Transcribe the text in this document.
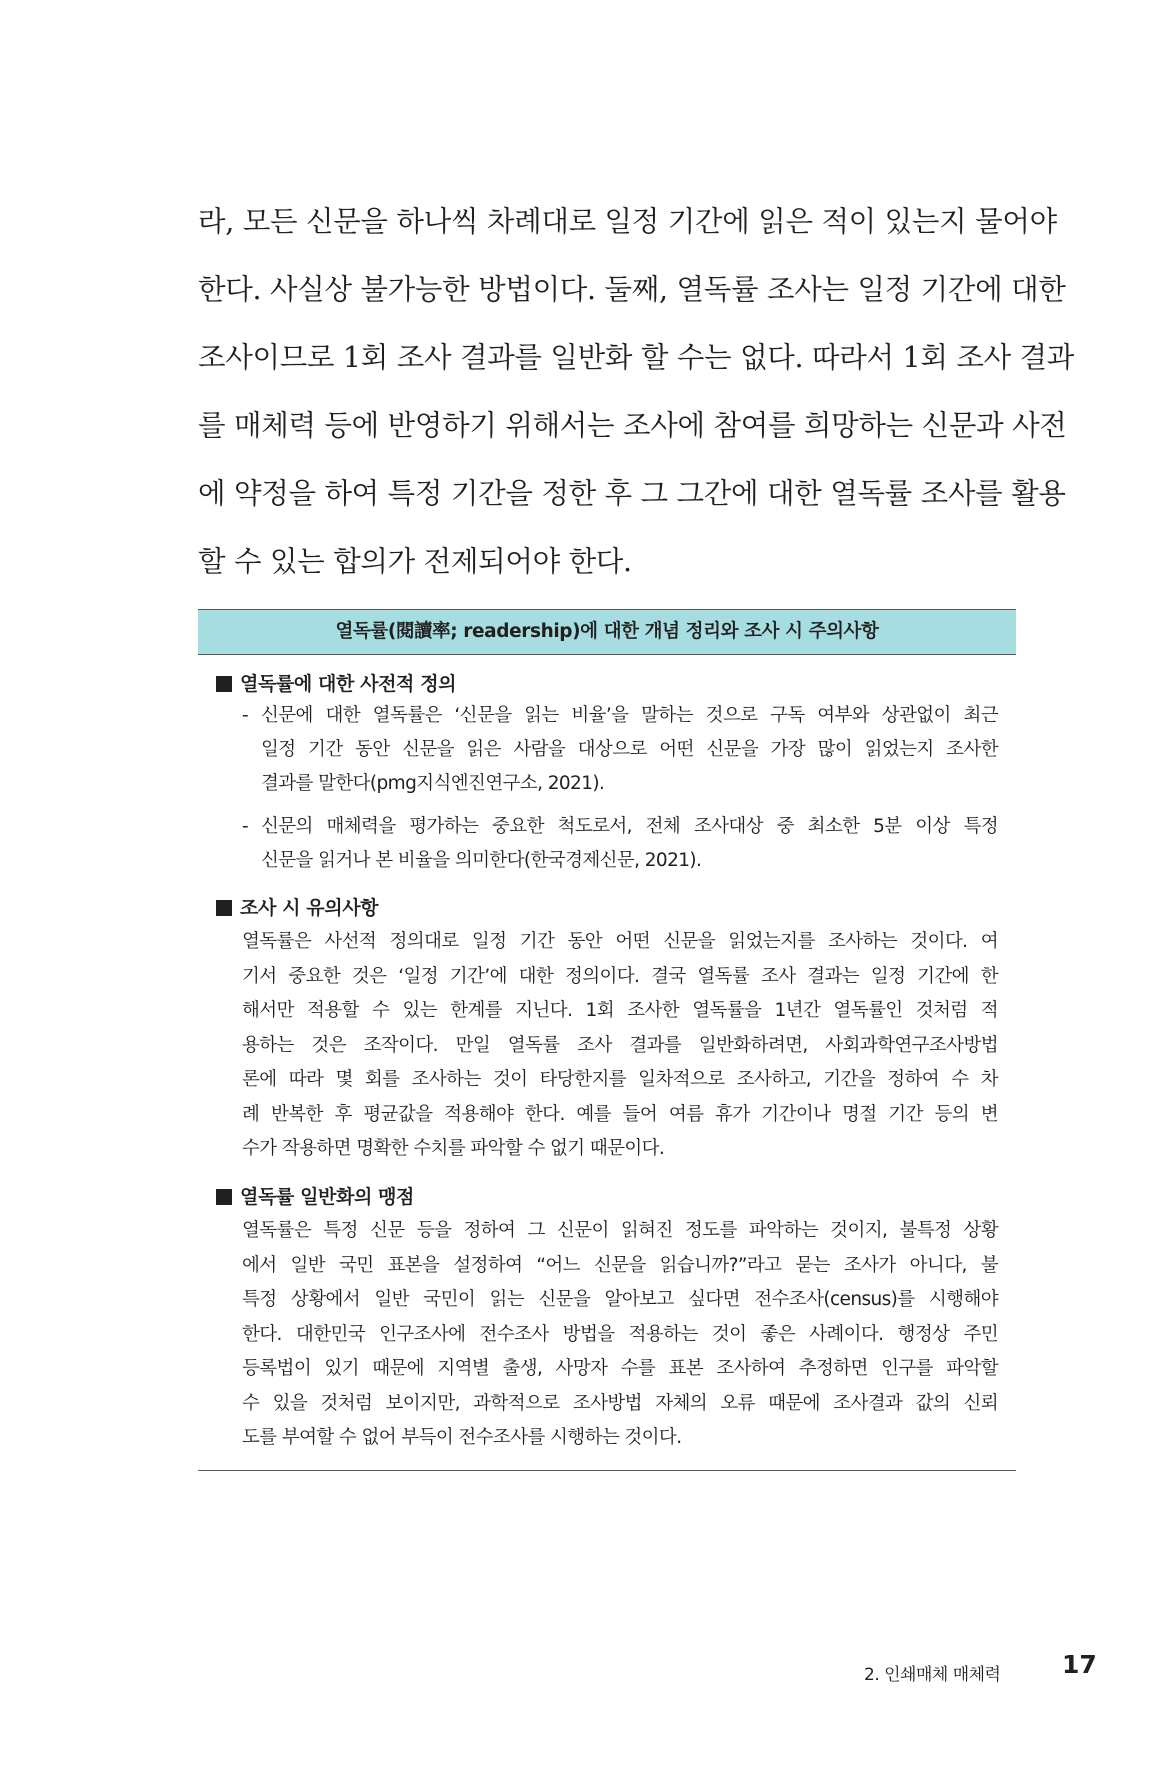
라, 모든 신문을 하나씩 차례대로 일정 기간에 읽은 적이 있는지 물어야
한다. 사실상 불가능한 방법이다. 둘째, 열독률 조사는 일정 기간에 대한
조사이므로 1회 조사 결과를 일반화 할 수는 없다. 따라서 1회 조사 결과
를 매체력 등에 반영하기 위해서는 조사에 참여를 희망하는 신문과 사전
에 약정을 하여 특정 기간을 정한 후 그 그간에 대한 열독률 조사를 활용
할 수 있는 합의가 전제되어야 한다.
열독률(閱讀率; readership)에 대한 개념 정리와 조사 시 주의사항
열독률에 대한 사전적 정의
- 신문에 대한 열독률은 ‘신문을 읽는 비율’을 말하는 것으로 구독 여부와 상관없이 최근
일정 기간 동안 신문을 읽은 사람을 대상으로 어떤 신문을 가장 많이 읽었는지 조사한
결과를 말한다(pmg지식엔진연구소, 2021).
- 신문의 매체력을 평가하는 중요한 척도로서, 전체 조사대상 중 최소한 5분 이상 특정
신문을 읽거나 본 비율을 의미한다(한국경제신문, 2021).
조사 시 유의사항
열독률은 사선적 정의대로 일정 기간 동안 어떤 신문을 읽었는지를 조사하는 것이다. 여
기서 중요한 것은 ‘일정 기간’에 대한 정의이다. 결국 열독률 조사 결과는 일정 기간에 한
해서만 적용할 수 있는 한계를 지닌다. 1회 조사한 열독률을 1년간 열독률인 것처럼 적
용하는 것은 조작이다. 만일 열독률 조사 결과를 일반화하려면, 사회과학연구조사방법
론에 따라 몇 회를 조사하는 것이 타당한지를 일차적으로 조사하고, 기간을 정하여 수 차
례 반복한 후 평균값을 적용해야 한다. 예를 들어 여름 휴가 기간이나 명절 기간 등의 변
수가 작용하면 명확한 수치를 파악할 수 없기 때문이다.
열독률 일반화의 맹점
열독률은 특정 신문 등을 정하여 그 신문이 읽혀진 정도를 파악하는 것이지, 불특정 상황
에서 일반 국민 표본을 설정하여 “어느 신문을 읽습니까?”라고 묻는 조사가 아니다, 불
특정 상황에서 일반 국민이 읽는 신문을 알아보고 싶다면 전수조사(census)를 시행해야
한다. 대한민국 인구조사에 전수조사 방법을 적용하는 것이 좋은 사례이다. 행정상 주민
등록법이 있기 때문에 지역별 출생, 사망자 수를 표본 조사하여 추정하면 인구를 파악할
수 있을 것처럼 보이지만, 과학적으로 조사방법 자체의 오류 때문에 조사결과 값의 신뢰
도를 부여할 수 없어 부득이 전수조사를 시행하는 것이다.
2. 인쇄매체 매체력 17
